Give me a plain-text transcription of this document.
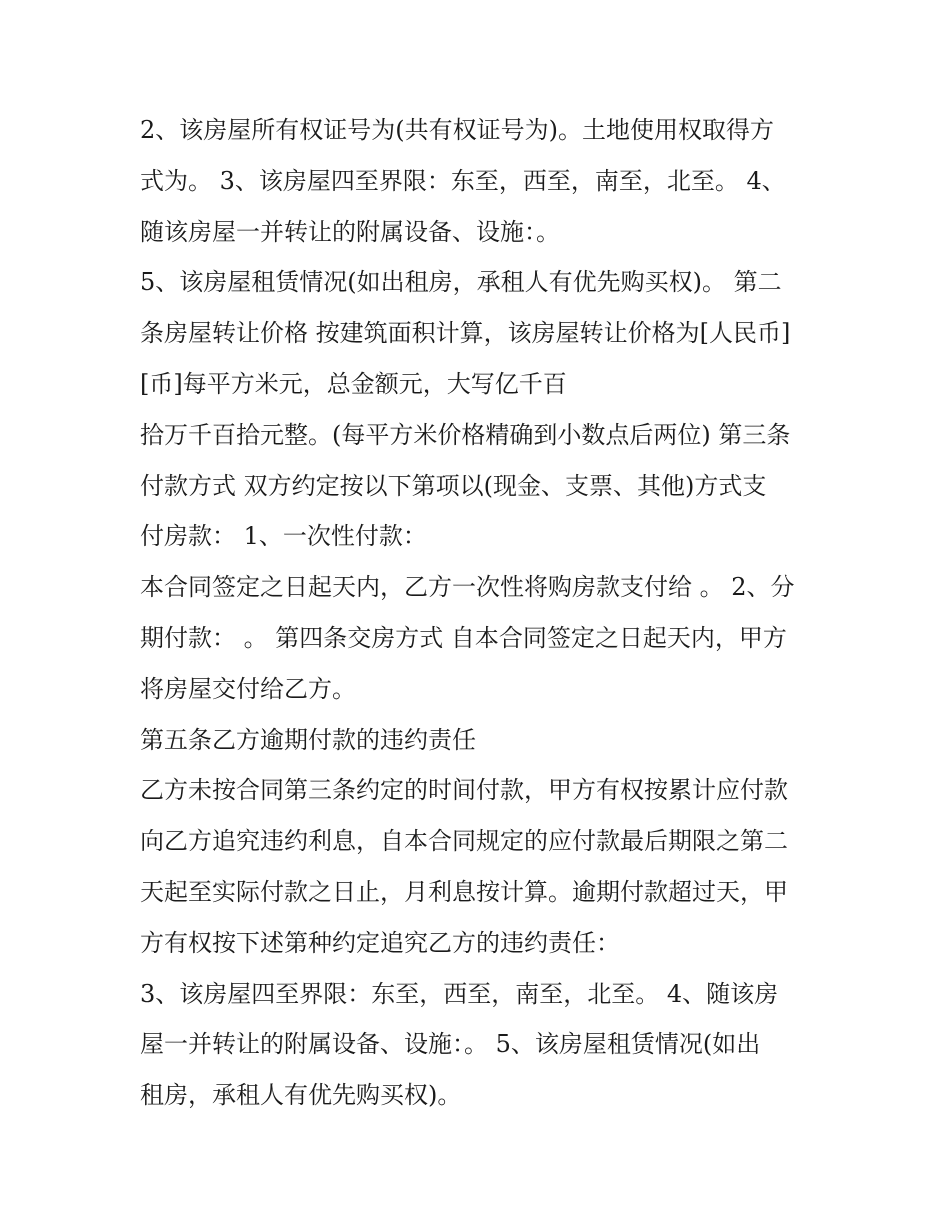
2、该房屋所有权证号为(共有权证号为)。土地使用权取得方
式为。 3、该房屋四至界限：东至，西至，南至，北至。 4、
随该房屋一并转让的附属设备、设施：。
5、该房屋租赁情况(如出租房，承租人有优先购买权)。 第二
条房屋转让价格 按建筑面积计算，该房屋转让价格为[人民币]
[币]每平方米元，总金额元，大写亿千百
拾万千百拾元整。(每平方米价格精确到小数点后两位) 第三条
付款方式 双方约定按以下第项以(现金、支票、其他)方式支
付房款： 1、一次性付款：
本合同签定之日起天内，乙方一次性将购房款支付给 。 2、分
期付款： 。 第四条交房方式 自本合同签定之日起天内，甲方
将房屋交付给乙方。
第五条乙方逾期付款的违约责任
乙方未按合同第三条约定的时间付款，甲方有权按累计应付款
向乙方追究违约利息，自本合同规定的应付款最后期限之第二
天起至实际付款之日止，月利息按计算。逾期付款超过天，甲
方有权按下述第种约定追究乙方的违约责任：
3、该房屋四至界限：东至，西至，南至，北至。 4、随该房
屋一并转让的附属设备、设施：。 5、该房屋租赁情况(如出
租房，承租人有优先购买权)。
